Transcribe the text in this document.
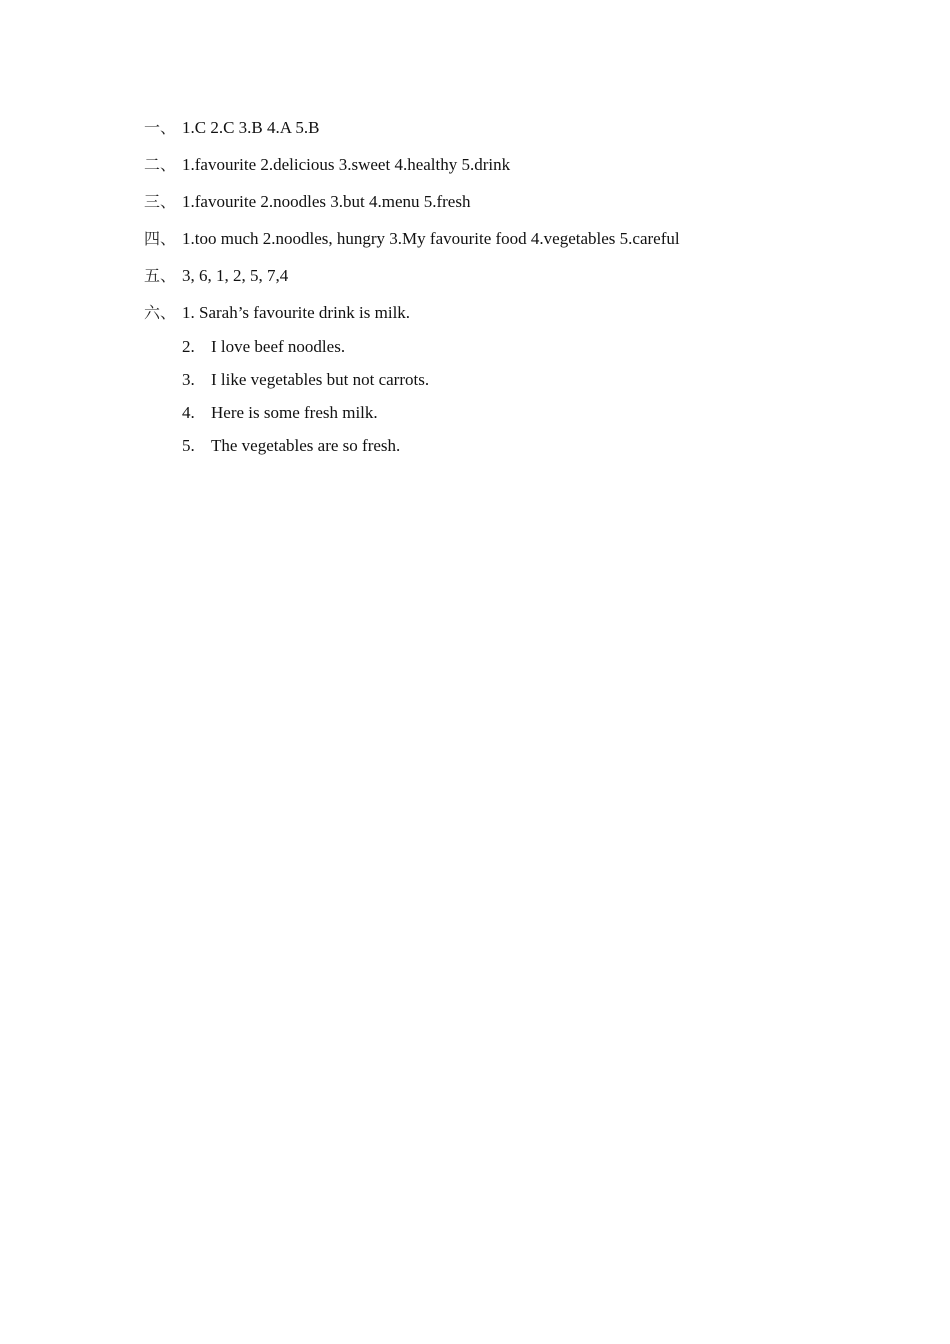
一、 1.C 2.C 3.B 4.A 5.B
二、 1.favourite 2.delicious 3.sweet 4.healthy 5.drink
三、 1.favourite 2.noodles 3.but 4.menu 5.fresh
四、 1.too much 2.noodles, hungry 3.My favourite food 4.vegetables 5.careful
五、 3, 6, 1, 2, 5, 7,4
六、 1. Sarah’s favourite drink is milk.
2. I love beef noodles.
3. I like vegetables but not carrots.
4. Here is some fresh milk.
5. The vegetables are so fresh.
